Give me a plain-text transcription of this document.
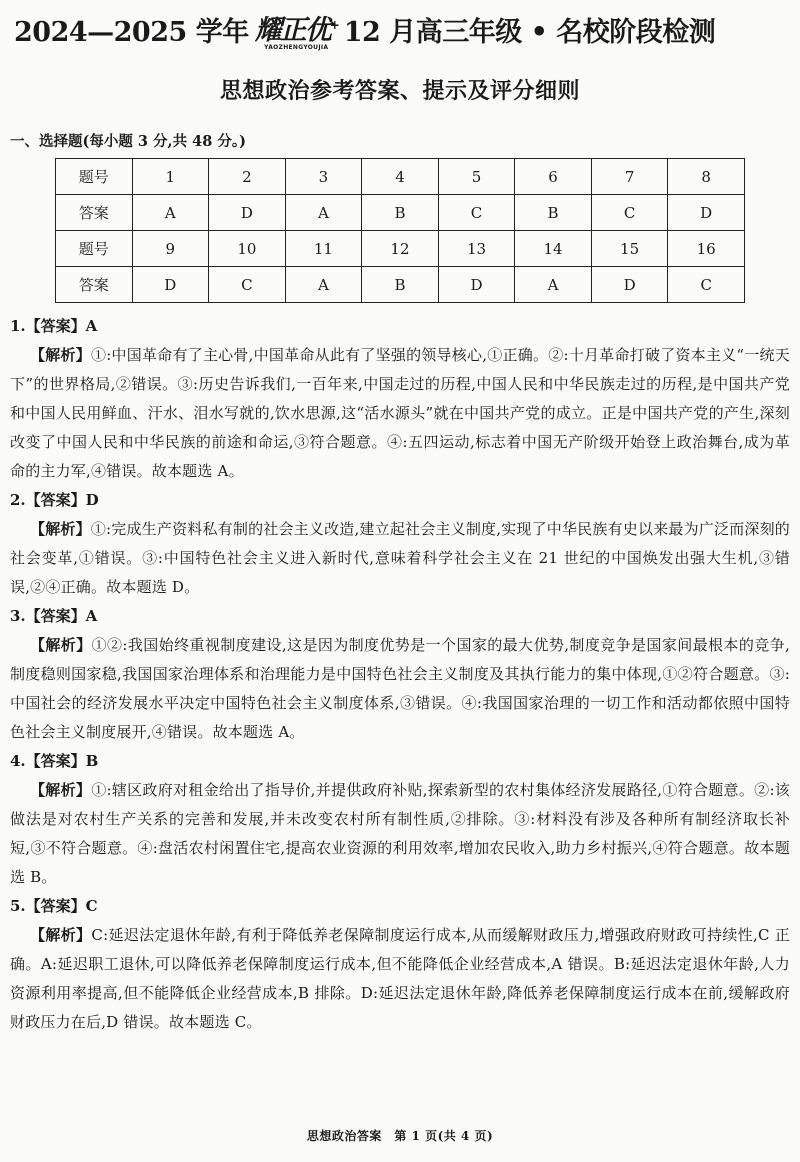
2024—2025 学年 耀正优+
YAOZHENGYOUJIA 12 月高三年级 • 名校阶段检测
思想政治参考答案、提示及评分细则
一、选择题(每小题 3 分,共 48 分。)
题号	1	2	3	4	5	6	7	8
答案	A	D	A	B	C	B	C	D
题号	9	10	11	12	13	14	15	16
答案	D	C	A	B	D	A	D	C
1.【答案】A
【解析】①:中国革命有了主心骨,中国革命从此有了坚强的领导核心,①正确。②:十月革命打破了资本主义“一统天下”的世界格局,②错误。③:历史告诉我们,一百年来,中国走过的历程,中国人民和中华民族走过的历程,是中国共产党和中国人民用鲜血、汗水、泪水写就的,饮水思源,这“活水源头”就在中国共产党的成立。正是中国共产党的产生,深刻改变了中国人民和中华民族的前途和命运,③符合题意。④:五四运动,标志着中国无产阶级开始登上政治舞台,成为革命的主力军,④错误。故本题选 A。
2.【答案】D
【解析】①:完成生产资料私有制的社会主义改造,建立起社会主义制度,实现了中华民族有史以来最为广泛而深刻的社会变革,①错误。③:中国特色社会主义进入新时代,意味着科学社会主义在 21 世纪的中国焕发出强大生机,③错误,②④正确。故本题选 D。
3.【答案】A
【解析】①②:我国始终重视制度建设,这是因为制度优势是一个国家的最大优势,制度竞争是国家间最根本的竞争,制度稳则国家稳,我国国家治理体系和治理能力是中国特色社会主义制度及其执行能力的集中体现,①②符合题意。③:中国社会的经济发展水平决定中国特色社会主义制度体系,③错误。④:我国国家治理的一切工作和活动都依照中国特色社会主义制度展开,④错误。故本题选 A。
4.【答案】B
【解析】①:辖区政府对租金给出了指导价,并提供政府补贴,探索新型的农村集体经济发展路径,①符合题意。②:该做法是对农村生产关系的完善和发展,并未改变农村所有制性质,②排除。③:材料没有涉及各种所有制经济取长补短,③不符合题意。④:盘活农村闲置住宅,提高农业资源的利用效率,增加农民收入,助力乡村振兴,④符合题意。故本题选 B。
5.【答案】C
【解析】C:延迟法定退休年龄,有利于降低养老保障制度运行成本,从而缓解财政压力,增强政府财政可持续性,C 正确。A:延迟职工退休,可以降低养老保障制度运行成本,但不能降低企业经营成本,A 错误。B:延迟法定退休年龄,人力资源利用率提高,但不能降低企业经营成本,B 排除。D:延迟法定退休年龄,降低养老保障制度运行成本在前,缓解政府财政压力在后,D 错误。故本题选 C。
思想政治答案　第 1 页(共 4 页)
